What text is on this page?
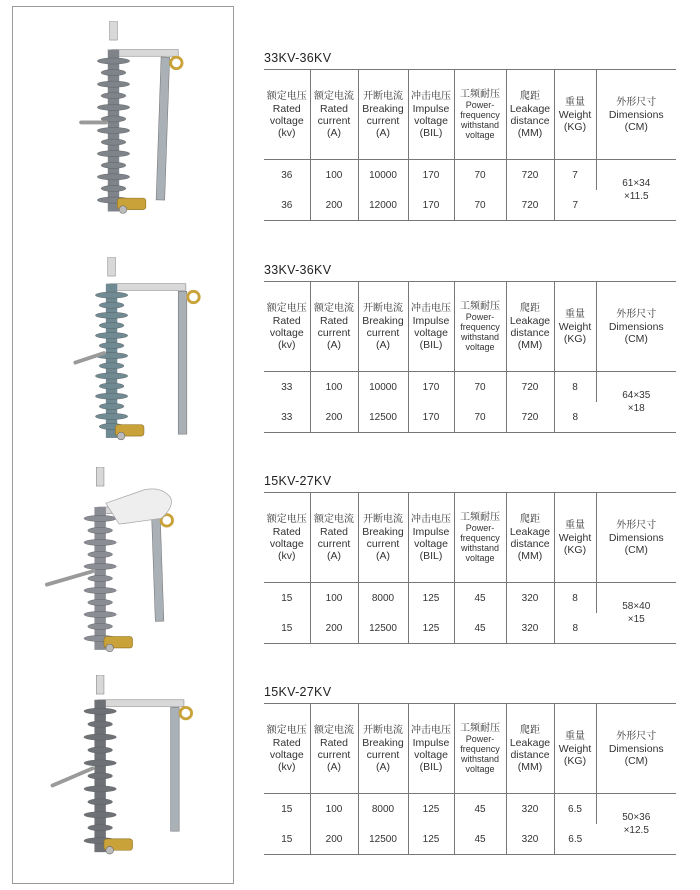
33KV-36KV
额定电压
Rated
voltage
(kv)	额定电流
Rated
current
(A)	开断电流
Breaking
current
(A)	冲击电压
Impulse
voltage
(BIL)	工频耐压
Power-
frequency
withstand
voltage	爬距
Leakage
distance
(MM)	重量
Weight
(KG)	外形尺寸
Dimensions
(CM)

36	100	10000	170	70	720	7	61×34
×11.5

36	200	12000	170	70	720	7	
33KV-36KV
额定电压
Rated
voltage
(kv)	额定电流
Rated
current
(A)	开断电流
Breaking
current
(A)	冲击电压
Impulse
voltage
(BIL)	工频耐压
Power-
frequency
withstand
voltage	爬距
Leakage
distance
(MM)	重量
Weight
(KG)	外形尺寸
Dimensions
(CM)

33	100	10000	170	70	720	8	64×35
×18

33	200	12500	170	70	720	8	
15KV-27KV
额定电压
Rated
voltage
(kv)	额定电流
Rated
current
(A)	开断电流
Breaking
current
(A)	冲击电压
Impulse
voltage
(BIL)	工频耐压
Power-
frequency
withstand
voltage	爬距
Leakage
distance
(MM)	重量
Weight
(KG)	外形尺寸
Dimensions
(CM)

15	100	8000	125	45	320	8	58×40
×15

15	200	12500	125	45	320	8	
15KV-27KV
额定电压
Rated
voltage
(kv)	额定电流
Rated
current
(A)	开断电流
Breaking
current
(A)	冲击电压
Impulse
voltage
(BIL)	工频耐压
Power-
frequency
withstand
voltage	爬距
Leakage
distance
(MM)	重量
Weight
(KG)	外形尺寸
Dimensions
(CM)

15	100	8000	125	45	320	6.5	50×36
×12.5

15	200	12500	125	45	320	6.5	
